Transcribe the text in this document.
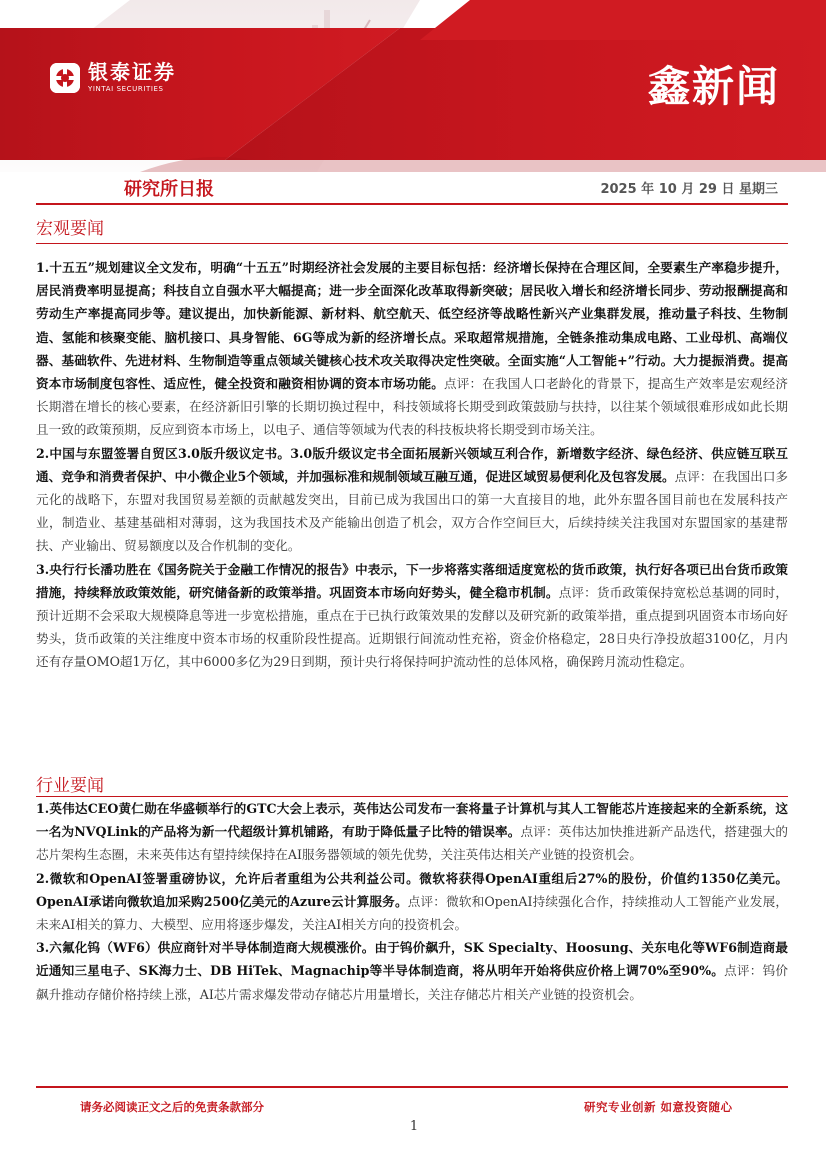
银泰证券
YINTAI SECURITIES	鑫新闻
研究所日报	2025 年 10 月 29 日 星期三
宏观要闻

1.十五五”规划建议全文发布，明确“十五五”时期经济社会发展的主要目标包括：经济增长保持在合理区间，全要素生产率稳步提升，居民消费率明显提高；科技自立自强水平大幅提高；进一步全面深化改革取得新突破；居民收入增长和经济增长同步、劳动报酬提高和劳动生产率提高同步等。建议提出，加快新能源、新材料、航空航天、低空经济等战略性新兴产业集群发展，推动量子科技、生物制造、氢能和核聚变能、脑机接口、具身智能、6G等成为新的经济增长点。采取超常规措施，全链条推动集成电路、工业母机、高端仪器、基础软件、先进材料、生物制造等重点领域关键核心技术攻关取得决定性突破。全面实施“人工智能+”行动。大力提振消费。提高资本市场制度包容性、适应性，健全投资和融资相协调的资本市场功能。点评：在我国人口老龄化的背景下，提高生产效率是宏观经济长期潜在增长的核心要素，在经济新旧引擎的长期切换过程中，科技领域将长期受到政策鼓励与扶持，以往某个领域很难形成如此长期且一致的政策预期，反应到资本市场上，以电子、通信等领域为代表的科技板块将长期受到市场关注。

2.中国与东盟签署自贸区3.0版升级议定书。3.0版升级议定书全面拓展新兴领域互利合作，新增数字经济、绿色经济、供应链互联互通、竞争和消费者保护、中小微企业5个领域，并加强标准和规制领域互融互通，促进区域贸易便利化及包容发展。点评：在我国出口多元化的战略下，东盟对我国贸易差额的贡献越发突出，目前已成为我国出口的第一大直接目的地，此外东盟各国目前也在发展科技产业，制造业、基建基础相对薄弱，这为我国技术及产能输出创造了机会，双方合作空间巨大，后续持续关注我国对东盟国家的基建帮扶、产业输出、贸易额度以及合作机制的变化。

3.央行行长潘功胜在《国务院关于金融工作情况的报告》中表示，下一步将落实落细适度宽松的货币政策，执行好各项已出台货币政策措施，持续释放政策效能，研究储备新的政策举措。巩固资本市场向好势头，健全稳市机制。点评：货币政策保持宽松总基调的同时，预计近期不会采取大规模降息等进一步宽松措施，重点在于已执行政策效果的发酵以及研究新的政策举措，重点提到巩固资本市场向好势头，货币政策的关注维度中资本市场的权重阶段性提高。近期银行间流动性充裕，资金价格稳定，28日央行净投放超3100亿，月内还有存量OMO超1万亿，其中6000多亿为29日到期，预计央行将保持呵护流动性的总体风格，确保跨月流动性稳定。

行业要闻

1.英伟达CEO黄仁勋在华盛顿举行的GTC大会上表示，英伟达公司发布一套将量子计算机与其人工智能芯片连接起来的全新系统，这一名为NVQLink的产品将为新一代超级计算机铺路，有助于降低量子比特的错误率。点评：英伟达加快推进新产品迭代，搭建强大的芯片架构生态圈，未来英伟达有望持续保持在AI服务器领域的领先优势，关注英伟达相关产业链的投资机会。

2.微软和OpenAI签署重磅协议，允许后者重组为公共利益公司。微软将获得OpenAI重组后27%的股份，价值约1350亿美元。OpenAI承诺向微软追加采购2500亿美元的Azure云计算服务。点评：微软和OpenAI持续强化合作，持续推动人工智能产业发展，未来AI相关的算力、大模型、应用将逐步爆发，关注AI相关方向的投资机会。

3.六氟化钨（WF6）供应商针对半导体制造商大规模涨价。由于钨价飙升，SK Specialty、Hoosung、关东电化等WF6制造商最近通知三星电子、SK海力士、DB HiTek、Magnachip等半导体制造商，将从明年开始将供应价格上调70%至90%。点评：钨价飙升推动存储价格持续上涨，AI芯片需求爆发带动存储芯片用量增长，关注存储芯片相关产业链的投资机会。

请务必阅读正文之后的免责条款部分	研究专业创新 如意投资随心
1
